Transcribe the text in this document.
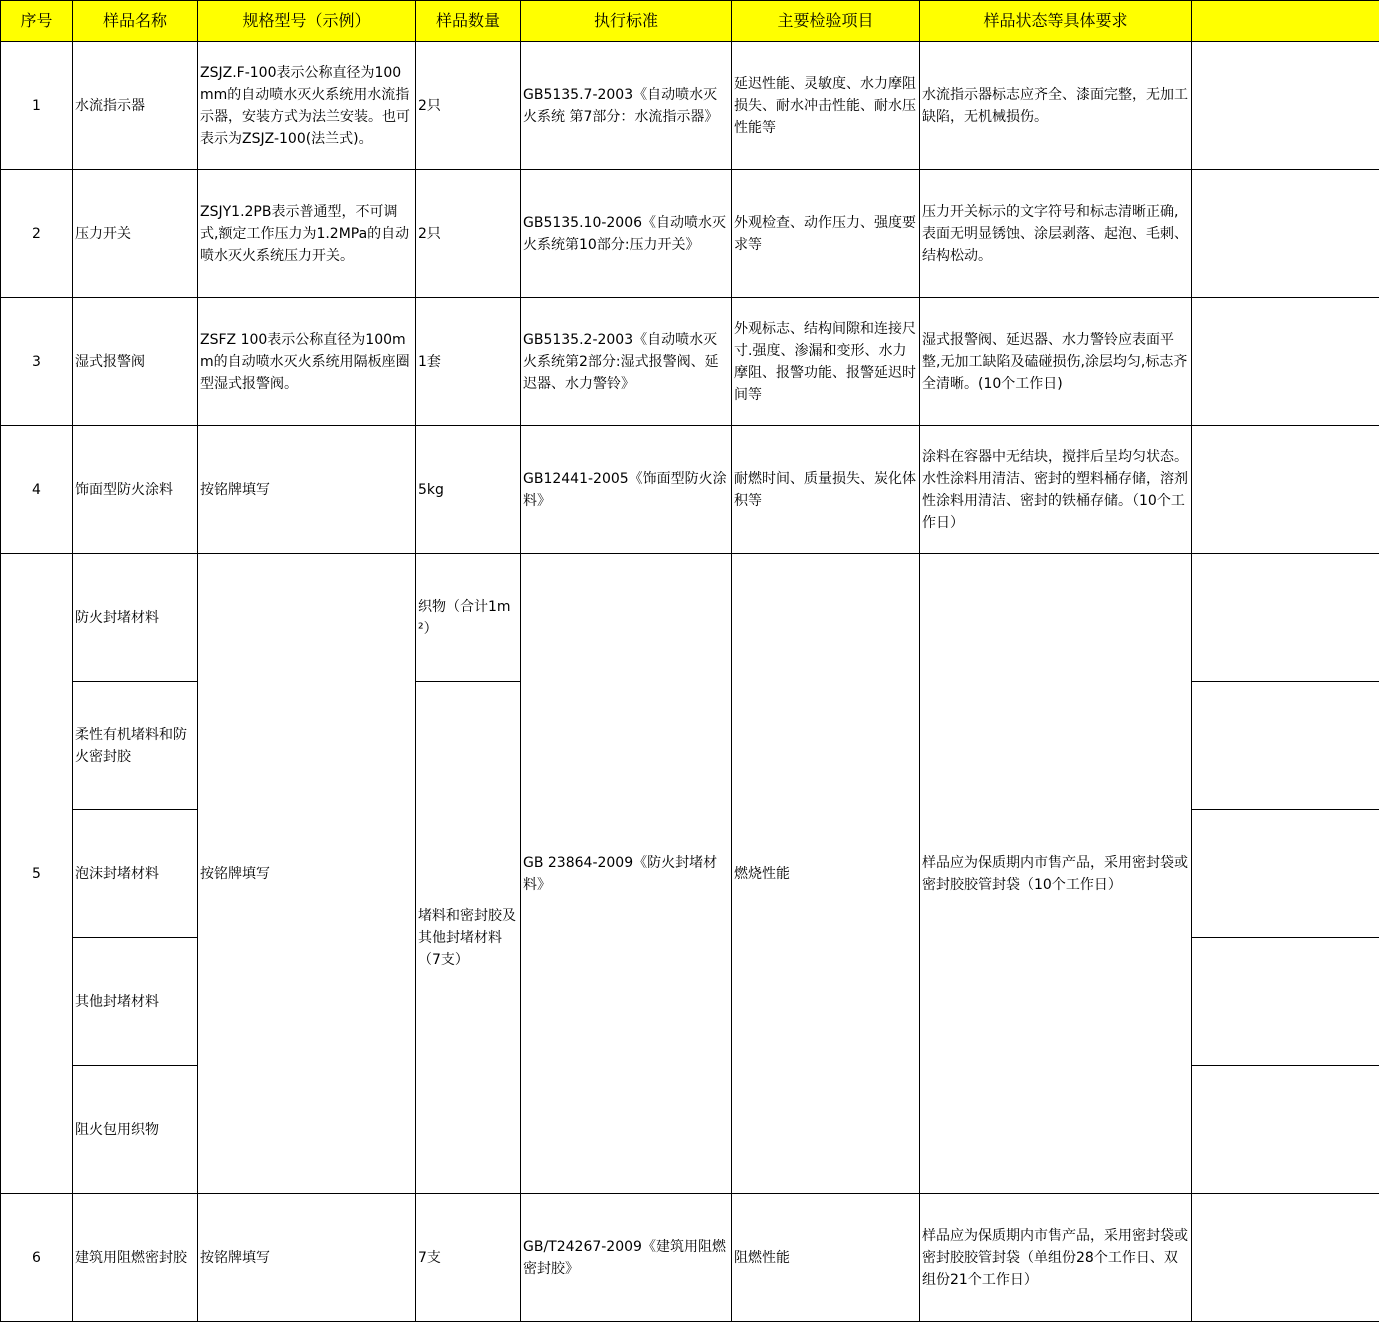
序号	样品名称	规格型号（示例）	样品数量	执行标准	主要检验项目	样品状态等具体要求	
1	水流指示器	ZSJZ.F-100表示公称直径为100mm的自动喷水灭火系统用水流指示器，安装方式为法兰安装。也可表示为ZSJZ-100(法兰式)。	2只	GB5135.7-2003《自动喷水灭火系统 第7部分：水流指示器》	延迟性能、灵敏度、水力摩阻损失、耐水冲击性能、耐水压性能等	水流指示器标志应齐全、漆面完整，无加工缺陷，无机械损伤。	
2	压力开关	ZSJY1.2PB表示普通型，不可调式,额定工作压力为1.2MPa的自动喷水灭火系统压力开关。	2只	GB5135.10-2006《自动喷水灭火系统第10部分:压力开关》	外观检查、动作压力、强度要求等	压力开关标示的文字符号和标志清晰正确,表面无明显锈蚀、涂层剥落、起泡、毛刺、结构松动。	
3	湿式报警阀	ZSFZ 100表示公称直径为100mm的自动喷水灭火系统用隔板座圈型湿式报警阀。	1套	GB5135.2-2003《自动喷水灭火系统第2部分:湿式报警阀、延迟器、水力警铃》	外观标志、结构间隙和连接尺寸.强度、渗漏和变形、水力摩阻、报警功能、报警延迟时间等	湿式报警阀、延迟器、水力警铃应表面平整,无加工缺陷及磕碰损伤,涂层均匀,标志齐全清晰。(10个工作日)	
4	饰面型防火涂料	按铭牌填写	5kg	GB12441-2005《饰面型防火涂料》	耐燃时间、质量损失、炭化体积等	涂料在容器中无结块，搅拌后呈均匀状态。水性涂料用清洁、密封的塑料桶存储，溶剂性涂料用清洁、密封的铁桶存储。（10个工作日）	
5	防火封堵材料	按铭牌填写	织物（合计1m²）	GB 23864-2009《防火封堵材料》	燃烧性能	样品应为保质期内市售产品，采用密封袋或密封胶胶管封袋（10个工作日）	
	柔性有机堵料和防火密封胶		堵料和密封胶及其他封堵材料（7支）				
	泡沫封堵材料						
	其他封堵材料						
	阻火包用织物						
6	建筑用阻燃密封胶	按铭牌填写	7支	GB/T24267-2009《建筑用阻燃密封胶》	阻燃性能	样品应为保质期内市售产品，采用密封袋或密封胶胶管封袋（单组份28个工作日、双组份21个工作日）	
